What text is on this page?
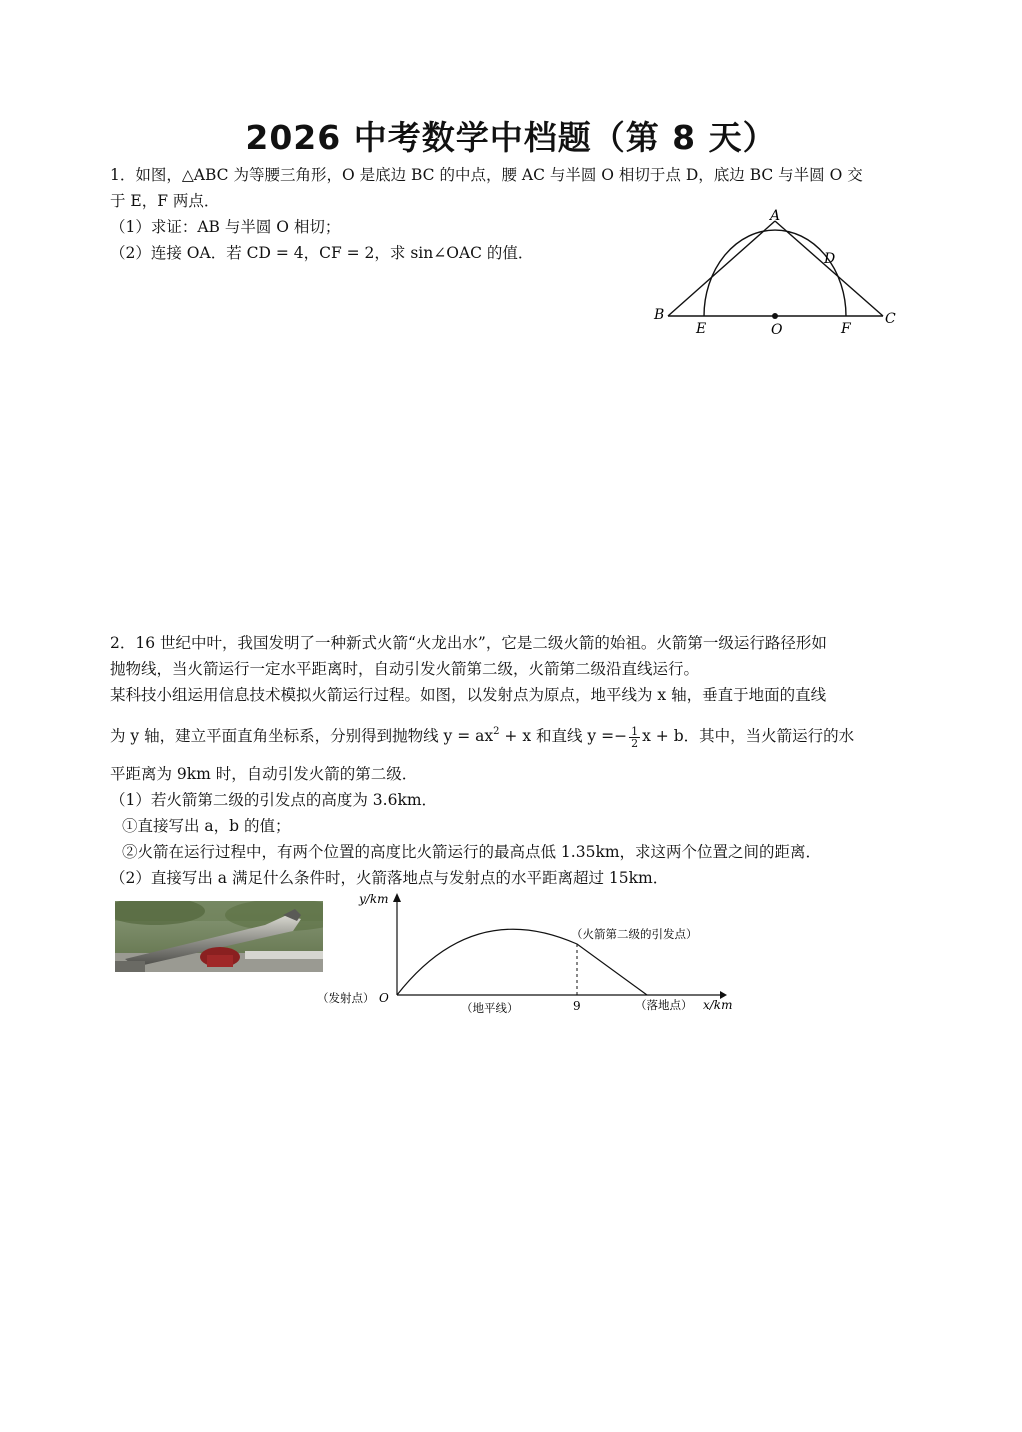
2026 中考数学中档题（第 8 天）
1．如图，△ABC 为等腰三角形，O 是底边 BC 的中点，腰 AC 与半圆 O 相切于点 D，底边 BC 与半圆 O 交
于 E，F 两点．
（1）求证：AB 与半圆 O 相切；
（2）连接 OA．若 CD = 4，CF = 2，求 sin∠OAC 的值．
A
B	C
D
E	O	F
2．16 世纪中叶，我国发明了一种新式火箭“火龙出水”，它是二级火箭的始祖。火箭第一级运行路径形如
抛物线，当火箭运行一定水平距离时，自动引发火箭第二级，火箭第二级沿直线运行。
某科技小组运用信息技术模拟火箭运行过程。如图，以发射点为原点，地平线为 x 轴，垂直于地面的直线
为 y 轴，建立平面直角坐标系，分别得到抛物线 $y = ax^2 + x$ 和直线 $y =- \frac{1}{2}$ x + b．其中，当火箭运行的水
平距离为 9km 时，自动引发火箭的第二级．
（1）若火箭第二级的引发点的高度为 3.6km．
①直接写出 a，b 的值；
②火箭在运行过程中，有两个位置的高度比火箭运行的最高点低 1.35km，求这两个位置之间的距离．
（2）直接写出 a 满足什么条件时，火箭落地点与发射点的水平距离超过 15km．
y/km
x/km
O
（发射点）
（地平线）	9	（落地点）
（火箭第二级的引发点）
